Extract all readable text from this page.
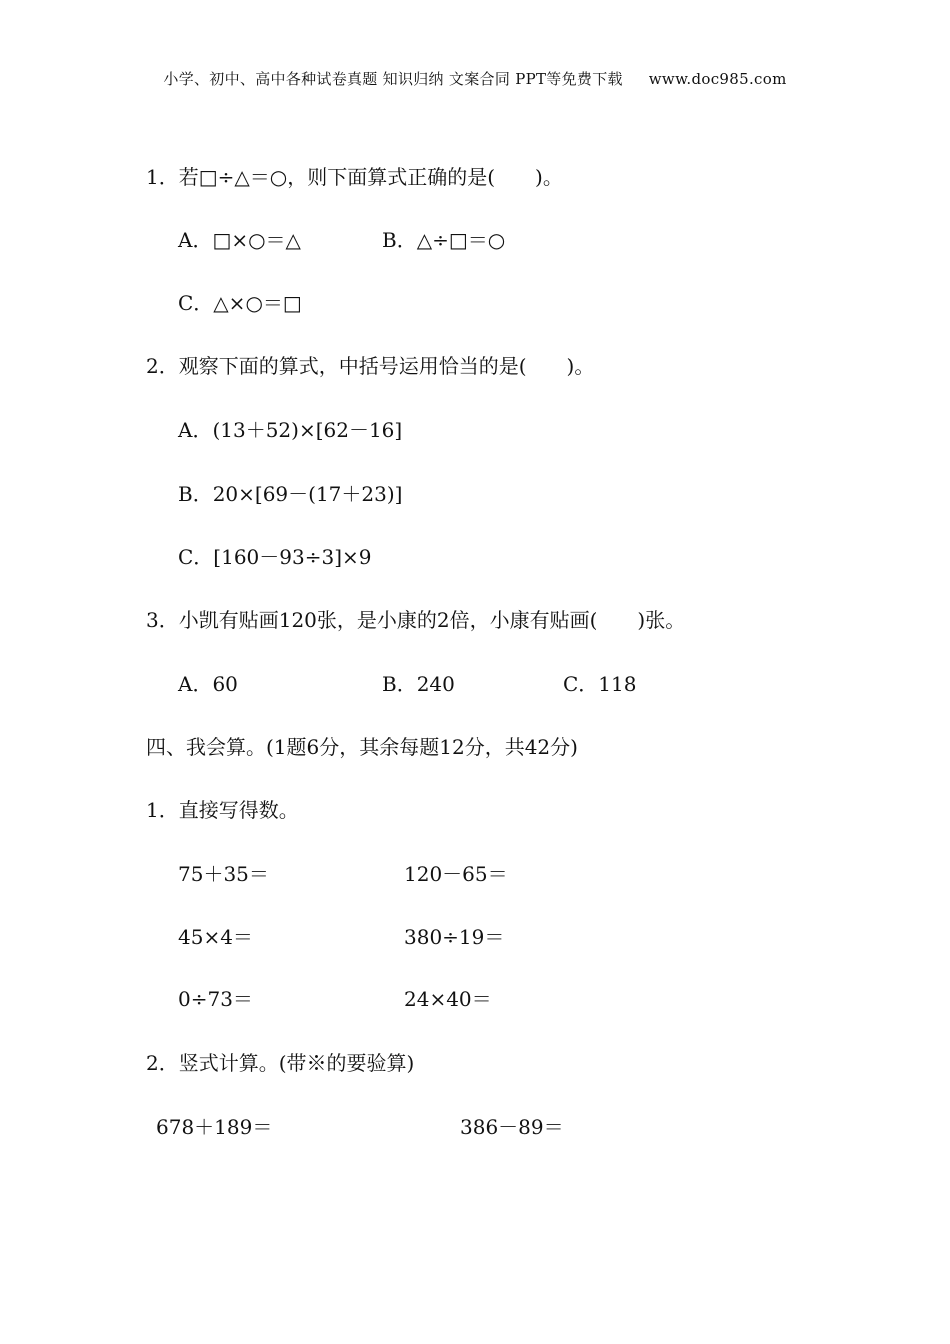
小学、初中、高中各种试卷真题 知识归纳 文案合同 PPT等免费下载 www.doc985.com
1．若□÷△＝○，则下面算式正确的是(　　)。
A．□×○＝△	B．△÷□＝○
C．△×○＝□
2．观察下面的算式，中括号运用恰当的是(　　)。
A．(13＋52)×[62－16]
B．20×[69－(17＋23)]
C．[160－93÷3]×9
3．小凯有贴画120张，是小康的2倍，小康有贴画(　　)张。
A．60	B．240	C．118
四、我会算。(1题6分，其余每题12分，共42分)
1．直接写得数。
75＋35＝	120－65＝
45×4＝	380÷19＝
0÷73＝	24×40＝
2．竖式计算。(带※的要验算)
678＋189＝	386－89＝
